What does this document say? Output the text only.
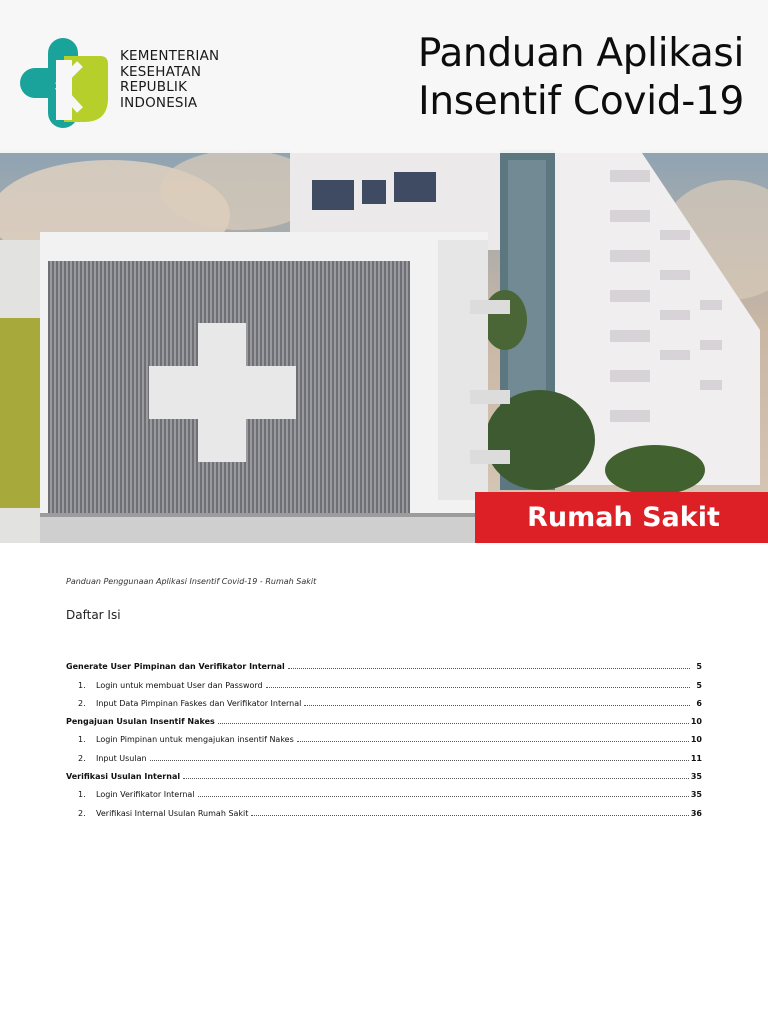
KEMENTERIAN
KESEHATAN
REPUBLIK
INDONESIA
Panduan Aplikasi
Insentif Covid-19
Rumah Sakit
Panduan Penggunaan Aplikasi Insentif Covid-19 - Rumah Sakit
Daftar Isi
Generate User Pimpinan dan Verifikator Internal	5
1.	Login untuk membuat User dan Password	5
2.	Input Data Pimpinan Faskes dan Verifikator Internal	6
Pengajuan Usulan Insentif Nakes	10
1.	Login Pimpinan untuk mengajukan insentif Nakes	10
2.	Input Usulan	11
Verifikasi Usulan Internal	35
1.	Login Verifikator Internal	35
2.	Verifikasi Internal Usulan Rumah Sakit	36
